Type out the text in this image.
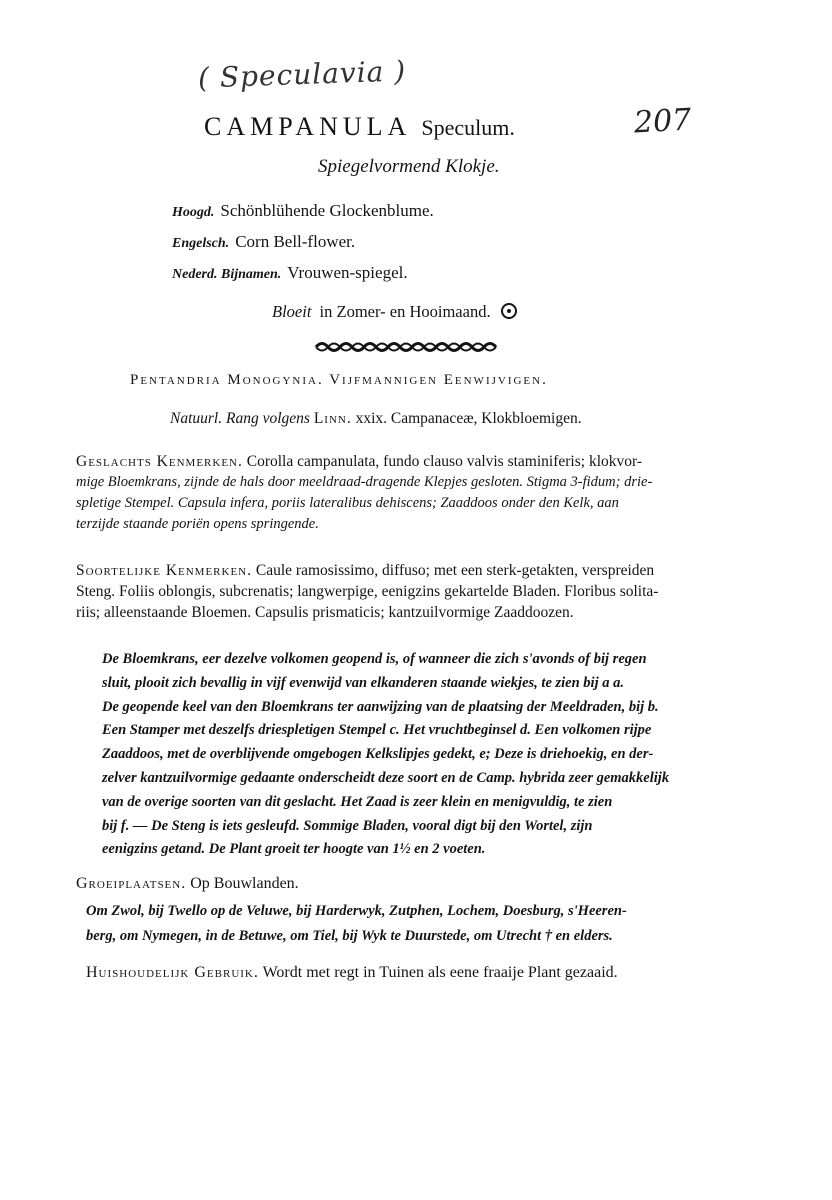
( Speculavia )
207
CAMPANULA Speculum.
Spiegelvormend Klokje.
Hoogd. Schönblühende Glockenblume.
Engelsch. Corn Bell-flower.
Nederd. Bijnamen. Vrouwen-spiegel.
Bloeit in Zomer- en Hooimaand.
Pentandria Monogynia. Vijfmannigen Eenwijvigen.
Natuurl. Rang volgens Linn. xxix. Campanaceæ, Klokbloemigen.
Geslachts Kenmerken. Corolla campanulata, fundo clauso valvis staminiferis; klokvor-
mige Bloemkrans, zijnde de hals door meeldraad-dragende Klepjes gesloten. Stigma 3-fidum; drie-
spletige Stempel. Capsula infera, poriis lateralibus dehiscens; Zaaddoos onder den Kelk, aan
terzijde staande poriën opens springende.
Soortelijke Kenmerken. Caule ramosissimo, diffuso; met een sterk-getakten, verspreiden
Steng. Foliis oblongis, subcrenatis; langwerpige, eenigzins gekartelde Bladen. Floribus solita-
riis; alleenstaande Bloemen. Capsulis prismaticis; kantzuilvormige Zaaddoozen.
De Bloemkrans, eer dezelve volkomen geopend is, of wanneer die zich s'avonds of bij regen
sluit, plooit zich bevallig in vijf evenwijd van elkanderen staande wiekjes, te zien bij a a.
De geopende keel van den Bloemkrans ter aanwijzing van de plaatsing der Meeldraden, bij b.
Een Stamper met deszelfs driespletigen Stempel c. Het vruchtbeginsel d. Een volkomen rijpe
Zaaddoos, met de overblijvende omgebogen Kelkslipjes gedekt, e; Deze is driehoekig, en der-
zelver kantzuilvormige gedaante onderscheidt deze soort en de Camp. hybrida zeer gemakkelijk
van de overige soorten van dit geslacht. Het Zaad is zeer klein en menigvuldig, te zien
bij f. — De Steng is iets gesleufd. Sommige Bladen, vooral digt bij den Wortel, zijn
eenigzins getand. De Plant groeit ter hoogte van 1½ en 2 voeten.
Groeiplaatsen. Op Bouwlanden.
Om Zwol, bij Twello op de Veluwe, bij Harderwyk, Zutphen, Lochem, Doesburg, s'Heeren-
berg, om Nymegen, in de Betuwe, om Tiel, bij Wyk te Duurstede, om Utrecht † en elders.
Huishoudelijk Gebruik. Wordt met regt in Tuinen als eene fraaije Plant gezaaid.
